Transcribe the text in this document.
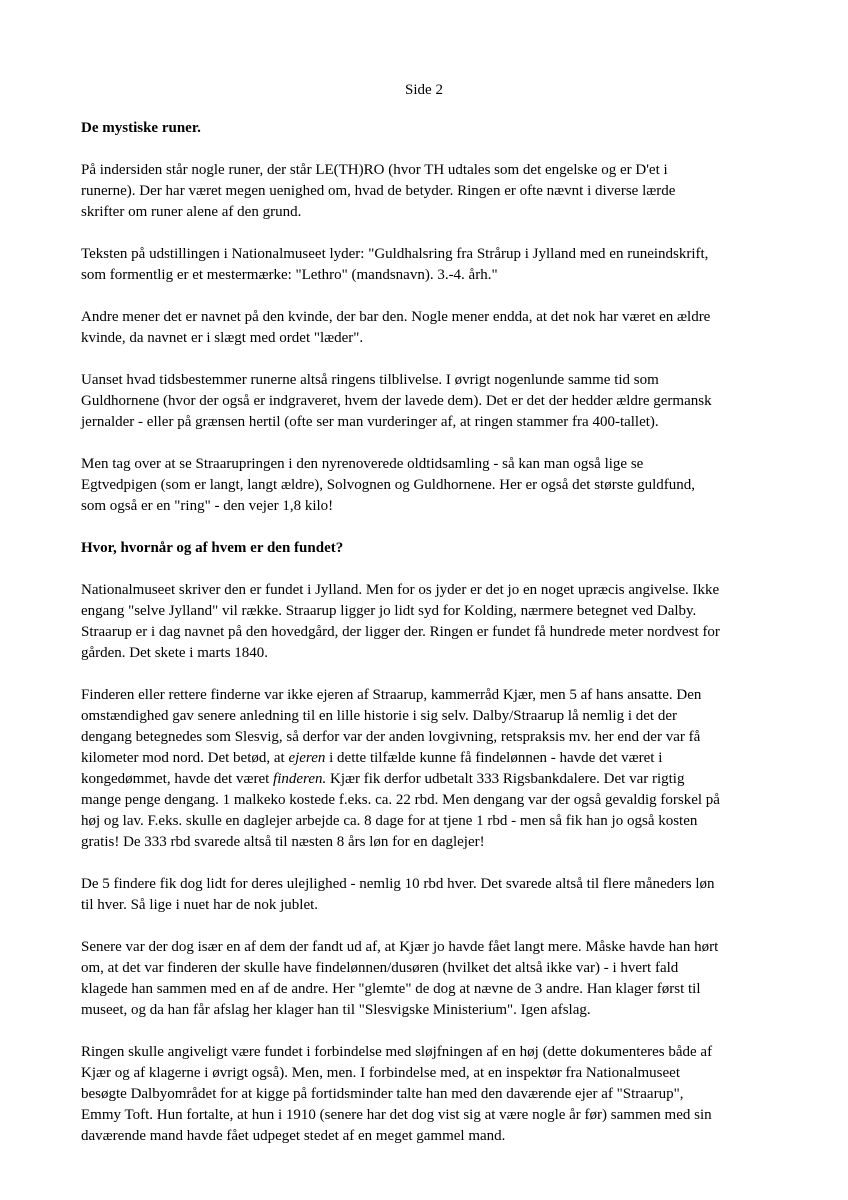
Side 2
De mystiske runer.

På indersiden står nogle runer, der står LE(TH)RO (hvor TH udtales som det engelske og er D'et i runerne). Der har været megen uenighed om, hvad de betyder. Ringen er ofte nævnt i diverse lærde skrifter om runer alene af den grund.

Teksten på udstillingen i Nationalmuseet lyder: "Guldhalsring fra Strårup i Jylland med en runeindskrift, som formentlig er et mestermærke: "Lethro" (mandsnavn). 3.-4. årh."

Andre mener det er navnet på den kvinde, der bar den. Nogle mener endda, at det nok har været en ældre kvinde, da navnet er i slægt med ordet "læder".

Uanset hvad tidsbestemmer runerne altså ringens tilblivelse. I øvrigt nogenlunde samme tid som Guldhornene (hvor der også er indgraveret, hvem der lavede dem). Det er det der hedder ældre germansk jernalder - eller på grænsen hertil (ofte ser man vurderinger af, at ringen stammer fra 400-tallet).

Men tag over at se Straarupringen i den nyrenoverede oldtidsamling - så kan man også lige se Egtvedpigen (som er langt, langt ældre), Solvognen og Guldhornene. Her er også det største guldfund, som også er en "ring" - den vejer 1,8 kilo!

Hvor, hvornår og af hvem er den fundet?

Nationalmuseet skriver den er fundet i Jylland. Men for os jyder er det jo en noget upræcis angivelse. Ikke engang "selve Jylland" vil række. Straarup ligger jo lidt syd for Kolding, nærmere betegnet ved Dalby. Straarup er i dag navnet på den hovedgård, der ligger der. Ringen er fundet få hundrede meter nordvest for gården. Det skete i marts 1840.

Finderen eller rettere finderne var ikke ejeren af Straarup, kammerråd Kjær, men 5 af hans ansatte. Den omstændighed gav senere anledning til en lille historie i sig selv. Dalby/Straarup lå nemlig i det der dengang betegnedes som Slesvig, så derfor var der anden lovgivning, retspraksis mv. her end der var få kilometer mod nord. Det betød, at ejeren i dette tilfælde kunne få findelønnen - havde det været i kongedømmet, havde det været finderen. Kjær fik derfor udbetalt 333 Rigsbankdalere. Det var rigtig mange penge dengang. 1 malkeko kostede f.eks. ca. 22 rbd. Men dengang var der også gevaldig forskel på høj og lav. F.eks. skulle en daglejer arbejde ca. 8 dage for at tjene 1 rbd - men så fik han jo også kosten gratis! De 333 rbd svarede altså til næsten 8 års løn for en daglejer!

De 5 findere fik dog lidt for deres ulejlighed - nemlig 10 rbd hver. Det svarede altså til flere måneders løn til hver. Så lige i nuet har de nok jublet.

Senere var der dog især en af dem der fandt ud af, at Kjær jo havde fået langt mere. Måske havde han hørt om, at det var finderen der skulle have findelønnen/dusøren (hvilket det altså ikke var) - i hvert fald klagede han sammen med en af de andre. Her "glemte" de dog at nævne de 3 andre. Han klager først til museet, og da han får afslag her klager han til "Slesvigske Ministerium". Igen afslag.

Ringen skulle angiveligt være fundet i forbindelse med sløjfningen af en høj (dette dokumenteres både af Kjær og af klagerne i øvrigt også). Men, men. I forbindelse med, at en inspektør fra Nationalmuseet besøgte Dalbyområdet for at kigge på fortidsminder talte han med den daværende ejer af "Straarup", Emmy Toft. Hun fortalte, at hun i 1910 (senere har det dog vist sig at være nogle år før) sammen med sin daværende mand havde fået udpeget stedet af en meget gammel mand.
